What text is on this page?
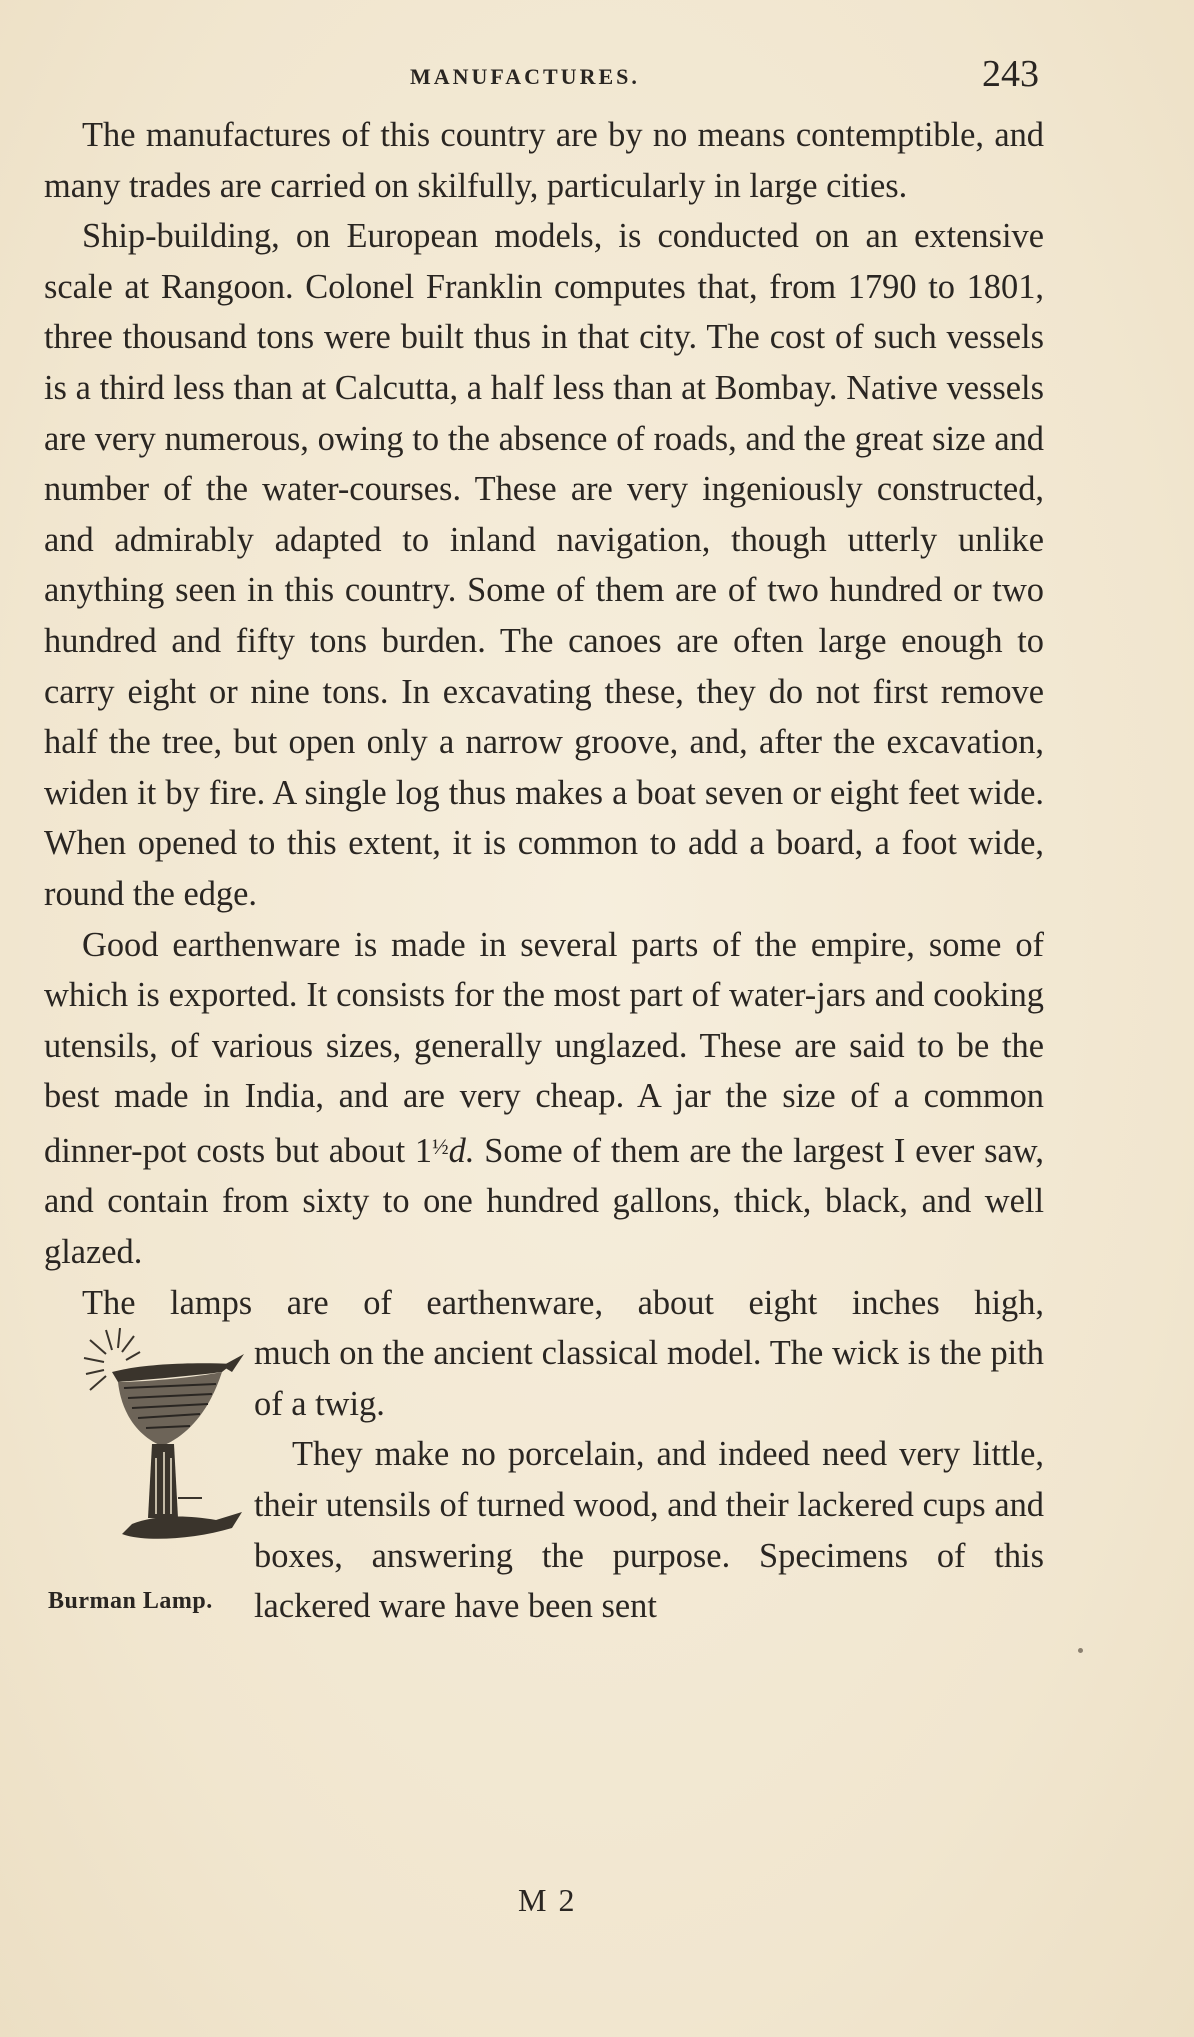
MANUFACTURES.	243

The manufactures of this country are by no means contemptible, and many trades are carried on skilfully, particularly in large cities.

Ship-building, on European models, is conducted on an extensive scale at Rangoon. Colonel Franklin computes that, from 1790 to 1801, three thousand tons were built thus in that city. The cost of such vessels is a third less than at Calcutta, a half less than at Bombay. Native vessels are very numerous, owing to the absence of roads, and the great size and number of the water-courses. These are very ingeniously constructed, and admirably adapted to inland navigation, though utterly unlike anything seen in this country. Some of them are of two hundred or two hundred and fifty tons burden. The canoes are often large enough to carry eight or nine tons. In excavating these, they do not first remove half the tree, but open only a narrow groove, and, after the excavation, widen it by fire. A single log thus makes a boat seven or eight feet wide. When opened to this extent, it is common to add a board, a foot wide, round the edge.

Good earthenware is made in several parts of the empire, some of which is exported. It consists for the most part of water-jars and cooking utensils, of various sizes, generally unglazed. These are said to be the best made in India, and are very cheap. A jar the size of a common dinner-pot costs but about $1^{\frac{1}{2}}d$. Some of them are the largest I ever saw, and contain from sixty to one hundred gallons, thick, black, and well glazed.

The lamps are of earthenware, about eight inches high,

Burman Lamp.

much on the ancient classical model. The wick is the pith of a twig.

They make no porcelain, and indeed need very little, their utensils of turned wood, and their lackered cups and boxes, answering the purpose. Specimens of this lackered ware have been sent

M 2
